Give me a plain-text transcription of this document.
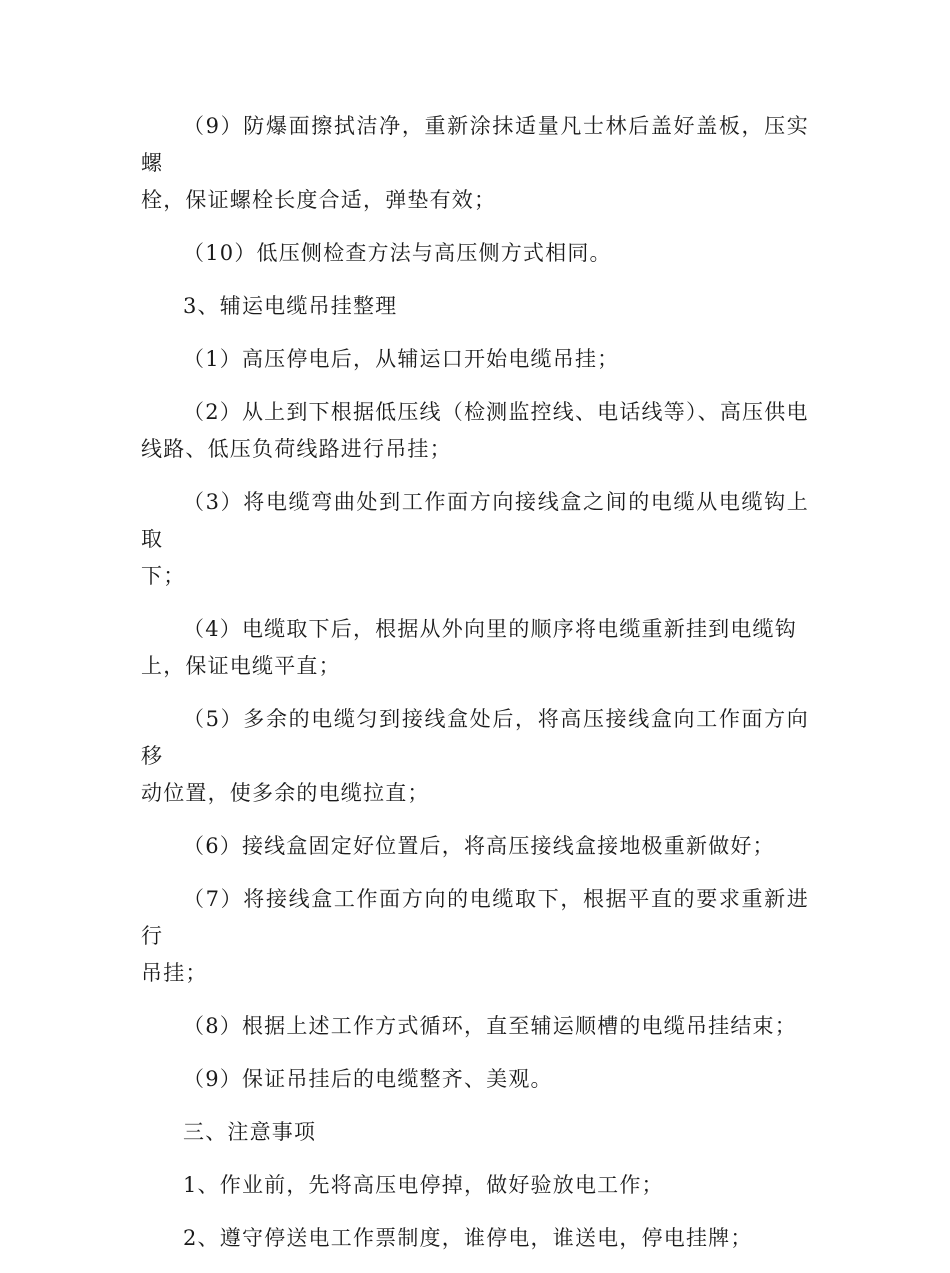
（9）防爆面擦拭洁净，重新涂抹适量凡士林后盖好盖板，压实螺
栓，保证螺栓长度合适，弹垫有效；

（10）低压侧检查方法与高压侧方式相同。

3、辅运电缆吊挂整理

（1）高压停电后，从辅运口开始电缆吊挂；

（2）从上到下根据低压线（检测监控线、电话线等）、高压供电
线路、低压负荷线路进行吊挂；

（3）将电缆弯曲处到工作面方向接线盒之间的电缆从电缆钩上取
下；

（4）电缆取下后，根据从外向里的顺序将电缆重新挂到电缆钩
上，保证电缆平直；

（5）多余的电缆匀到接线盒处后，将高压接线盒向工作面方向移
动位置，使多余的电缆拉直；

（6）接线盒固定好位置后，将高压接线盒接地极重新做好；

（7）将接线盒工作面方向的电缆取下，根据平直的要求重新进行
吊挂；

（8）根据上述工作方式循环，直至辅运顺槽的电缆吊挂结束；

（9）保证吊挂后的电缆整齐、美观。

三、注意事项

1、作业前，先将高压电停掉，做好验放电工作；

2、遵守停送电工作票制度，谁停电，谁送电，停电挂牌；
